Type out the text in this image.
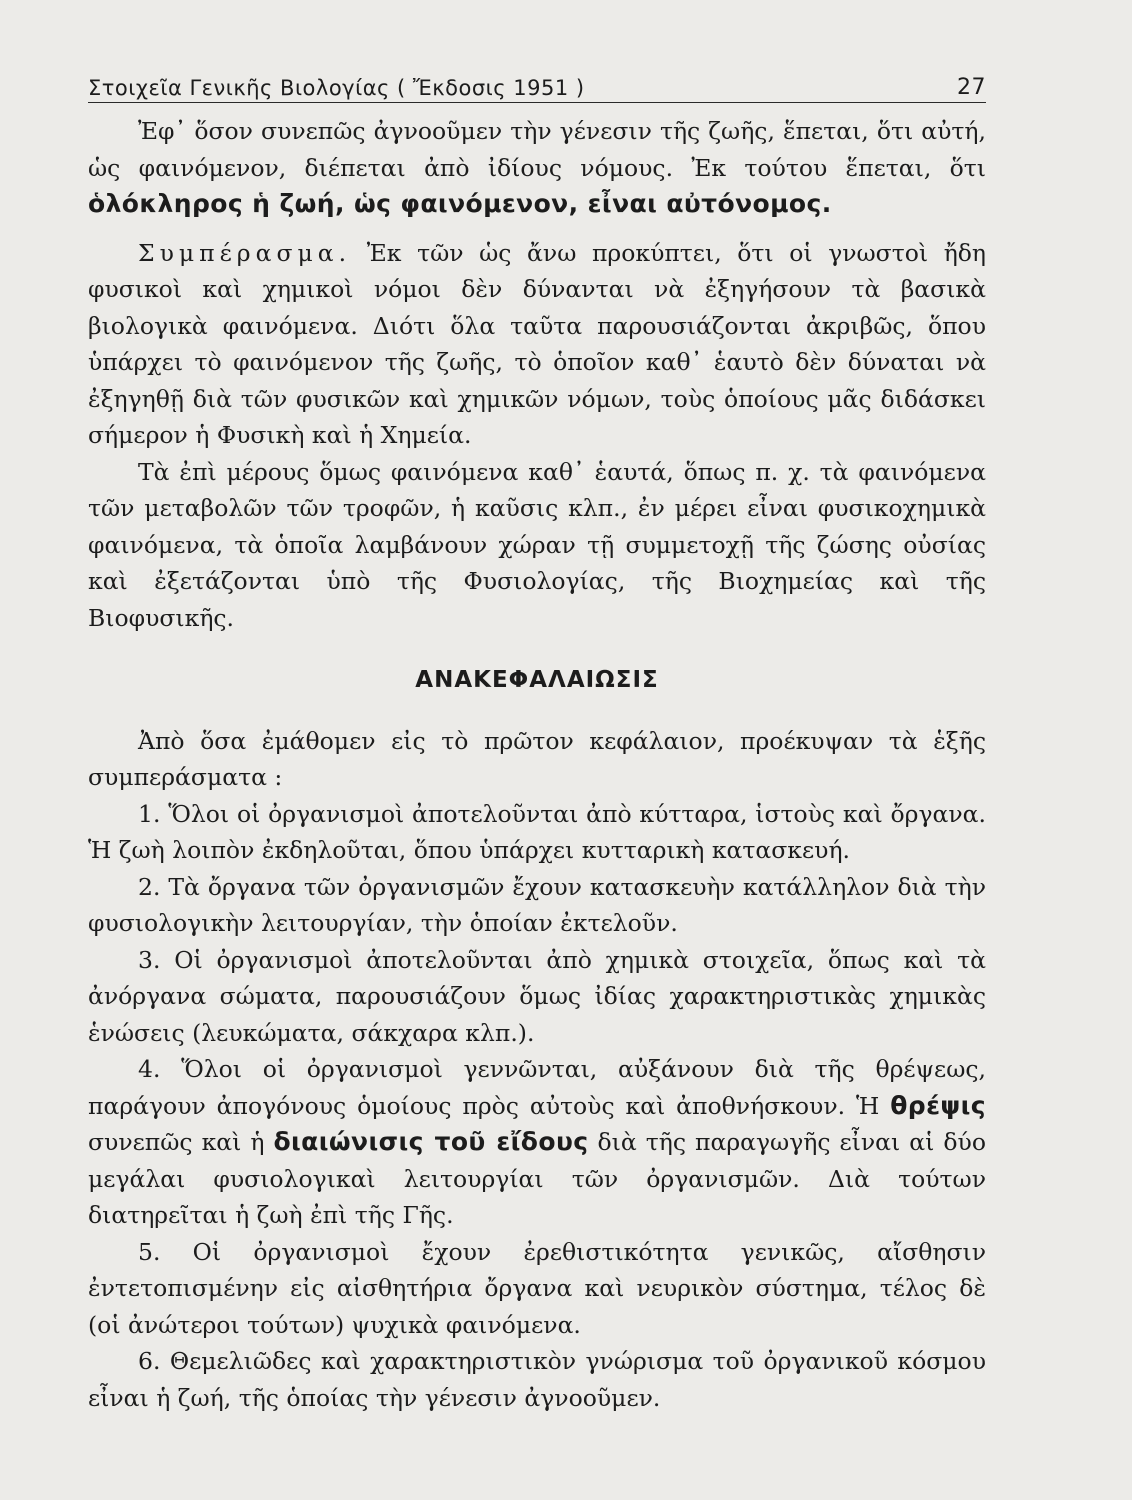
Στοιχεῖα Γενικῆς Βιολογίας ( Ἔκδοσις 1951 )	27

Ἐφ᾽ ὅσον συνεπῶς ἀγνοοῦμεν τὴν γένεσιν τῆς ζωῆς, ἕπεται, ὅτι αὐτή, ὡς φαινόμενον, διέπεται ἀπὸ ἰδίους νόμους. Ἐκ τούτου ἕπεται, ὅτι ὁλόκληρος ἡ ζωή, ὡς φαινόμενον, εἶναι αὐτόνομος.

Συμπέρασμα. Ἐκ τῶν ὡς ἄνω προκύπτει, ὅτι οἱ γνωστοὶ ἤδη φυσικοὶ καὶ χημικοὶ νόμοι δὲν δύνανται νὰ ἐξηγήσουν τὰ βασικὰ βιολογικὰ φαινόμενα. Διότι ὅλα ταῦτα παρουσιάζονται ἀκριβῶς, ὅπου ὑπάρχει τὸ φαινόμενον τῆς ζωῆς, τὸ ὁποῖον καθ᾽ ἑαυτὸ δὲν δύναται νὰ ἐξηγηθῇ διὰ τῶν φυσικῶν καὶ χημικῶν νόμων, τοὺς ὁποίους μᾶς διδάσκει σήμερον ἡ Φυσικὴ καὶ ἡ Χημεία.

Τὰ ἐπὶ μέρους ὅμως φαινόμενα καθ᾽ ἑαυτά, ὅπως π. χ. τὰ φαινόμενα τῶν μεταβολῶν τῶν τροφῶν, ἡ καῦσις κλπ., ἐν μέρει εἶναι φυσικοχημικὰ φαινόμενα, τὰ ὁποῖα λαμβάνουν χώραν τῇ συμμετοχῇ τῆς ζώσης οὐσίας καὶ ἐξετάζονται ὑπὸ τῆς Φυσιολογίας, τῆς Βιοχημείας καὶ τῆς Βιοφυσικῆς.

ΑΝΑΚΕΦΑΛΑΙΩΣΙΣ

Ἀπὸ ὅσα ἐμάθομεν εἰς τὸ πρῶτον κεφάλαιον, προέκυψαν τὰ ἑξῆς συμπεράσματα :

1. Ὅλοι οἱ ὀργανισμοὶ ἀποτελοῦνται ἀπὸ κύτταρα, ἱστοὺς καὶ ὄργανα. Ἡ ζωὴ λοιπὸν ἐκδηλοῦται, ὅπου ὑπάρχει κυτταρικὴ κατασκευή.

2. Τὰ ὄργανα τῶν ὀργανισμῶν ἔχουν κατασκευὴν κατάλληλον διὰ τὴν φυσιολογικὴν λειτουργίαν, τὴν ὁποίαν ἐκτελοῦν.

3. Οἱ ὀργανισμοὶ ἀποτελοῦνται ἀπὸ χημικὰ στοιχεῖα, ὅπως καὶ τὰ ἀνόργανα σώματα, παρουσιάζουν ὅμως ἰδίας χαρακτηριστικὰς χημικὰς ἑνώσεις (λευκώματα, σάκχαρα κλπ.).

4. Ὅλοι οἱ ὀργανισμοὶ γεννῶνται, αὐξάνουν διὰ τῆς θρέψεως, παράγουν ἀπογόνους ὁμοίους πρὸς αὐτοὺς καὶ ἀποθνήσκουν. Ἡ θρέψις συνεπῶς καὶ ἡ διαιώνισις τοῦ εἴδους διὰ τῆς παραγωγῆς εἶναι αἱ δύο μεγάλαι φυσιολογικαὶ λειτουργίαι τῶν ὀργανισμῶν. Διὰ τούτων διατηρεῖται ἡ ζωὴ ἐπὶ τῆς Γῆς.

5. Οἱ ὀργανισμοὶ ἔχουν ἐρεθιστικότητα γενικῶς, αἴσθησιν ἐντετοπισμένην εἰς αἰσθητήρια ὄργανα καὶ νευρικὸν σύστημα, τέλος δὲ (οἱ ἀνώτεροι τούτων) ψυχικὰ φαινόμενα.

6. Θεμελιῶδες καὶ χαρακτηριστικὸν γνώρισμα τοῦ ὀργανικοῦ κόσμου εἶναι ἡ ζωή, τῆς ὁποίας τὴν γένεσιν ἀγνοοῦμεν.
